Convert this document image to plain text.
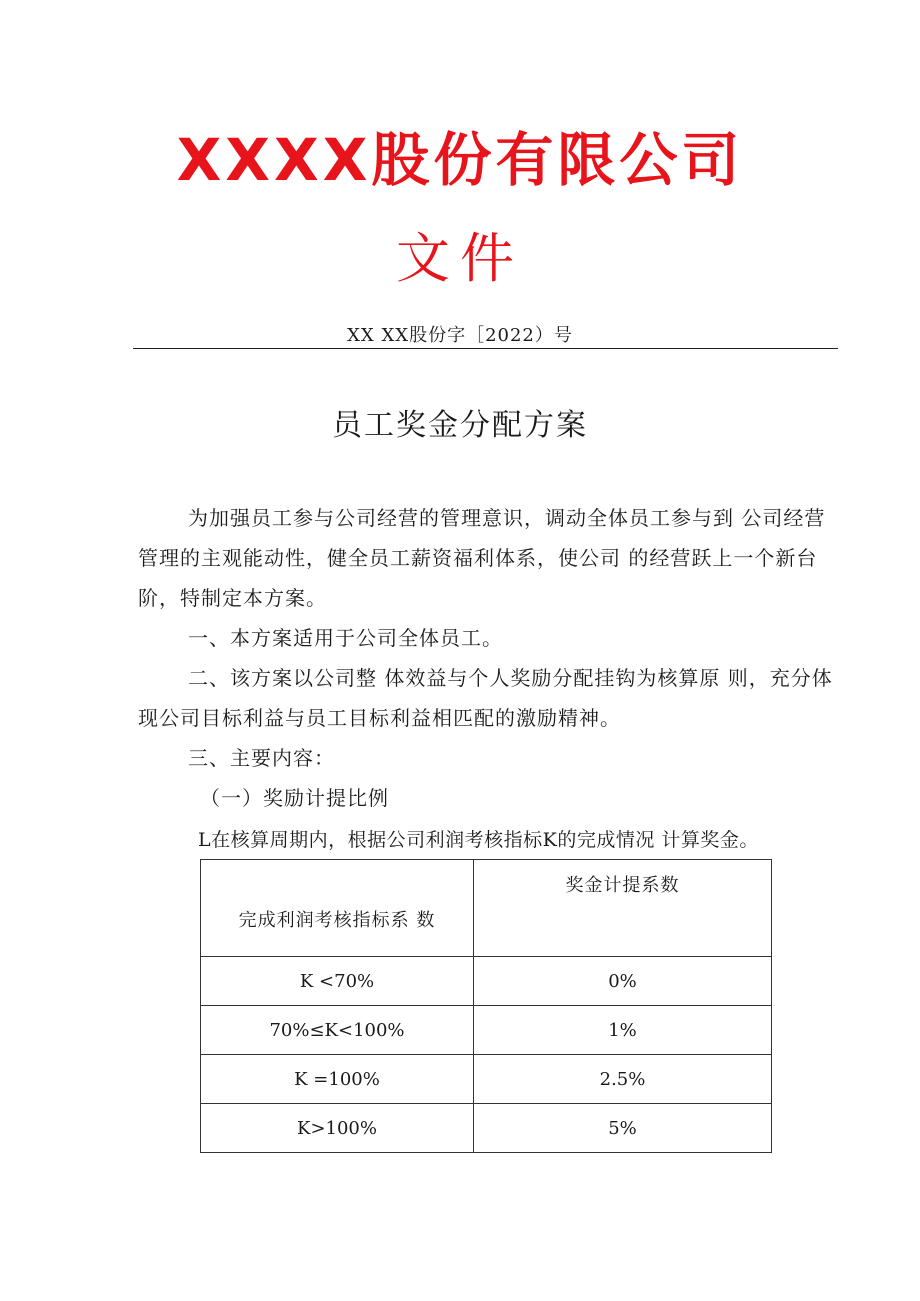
XXXX股份有限公司
文件
XX XX股份字［2022）号
员工奖金分配方案
为加强员工参与公司经营的管理意识，调动全体员工参与到 公司经营管理的主观能动性，健全员工薪资福利体系，使公司 的经营跃上一个新台阶，特制定本方案。
一、本方案适用于公司全体员工。
二、该方案以公司整 体效益与个人奖励分配挂钩为核算原 则，充分体现公司目标利益与员工目标利益相匹配的激励精神。
三、主要内容：
（一）奖励计提比例
L在核算周期内，根据公司利润考核指标K的完成情况 计算奖金。
完成利润考核指标系 数	奖金计提系数

K <70%	0%
70%≤K<100%	1%
K =100%	2.5%
K>100%	5%
